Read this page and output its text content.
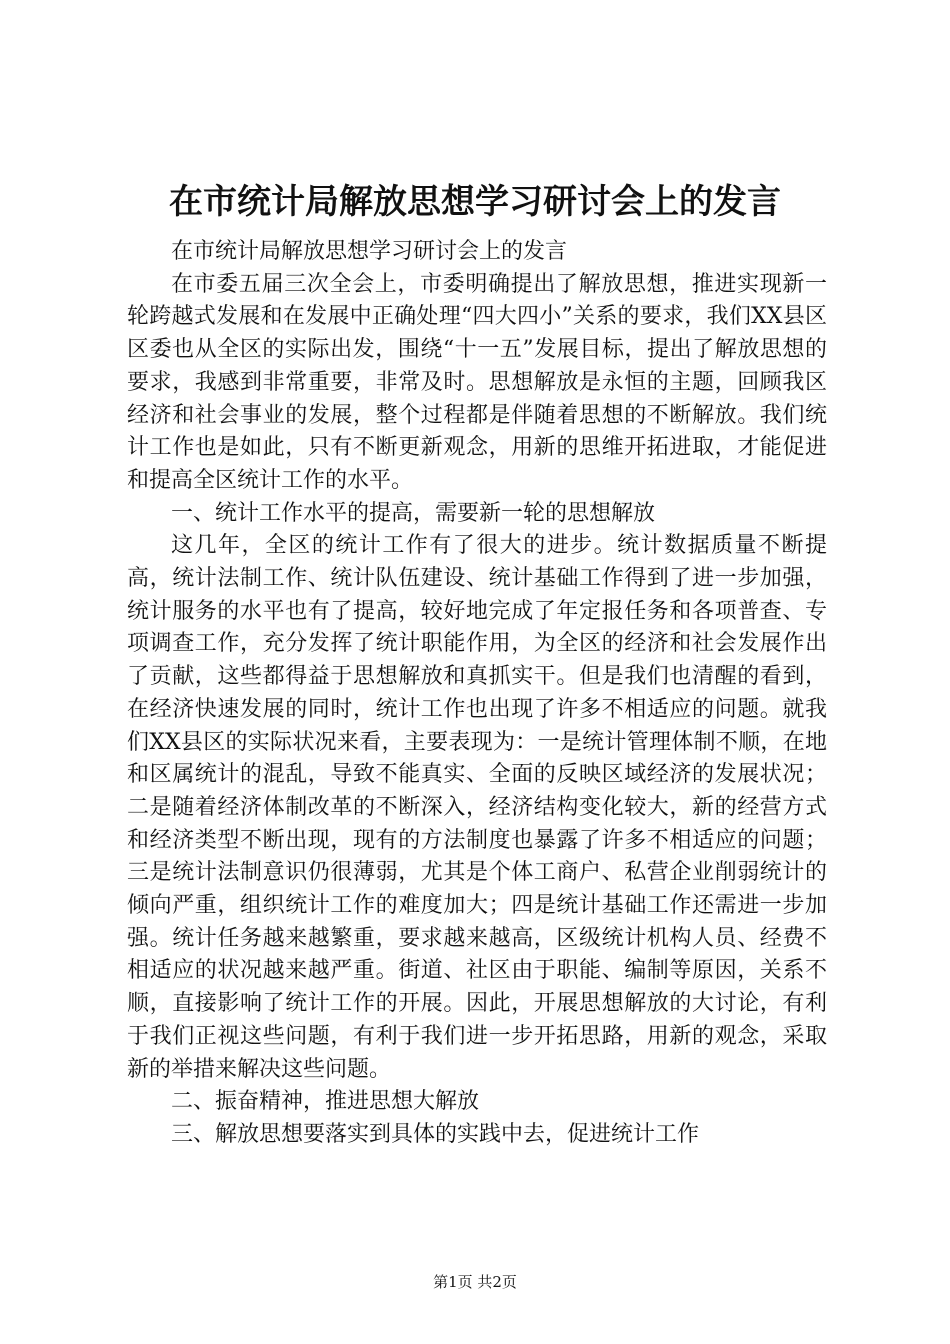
在市统计局解放思想学习研讨会上的发言

在市统计局解放思想学习研讨会上的发言

在市委五届三次全会上，市委明确提出了解放思想，推进实现新一轮跨越式发展和在发展中正确处理“四大四小”关系的要求，我们XX县区区委也从全区的实际出发，围绕“十一五”发展目标，提出了解放思想的要求，我感到非常重要，非常及时。思想解放是永恒的主题，回顾我区经济和社会事业的发展，整个过程都是伴随着思想的不断解放。我们统计工作也是如此，只有不断更新观念，用新的思维开拓进取，才能促进和提高全区统计工作的水平。

一、统计工作水平的提高，需要新一轮的思想解放

这几年，全区的统计工作有了很大的进步。统计数据质量不断提高，统计法制工作、统计队伍建设、统计基础工作得到了进一步加强，统计服务的水平也有了提高，较好地完成了年定报任务和各项普查、专项调查工作，充分发挥了统计职能作用，为全区的经济和社会发展作出了贡献，这些都得益于思想解放和真抓实干。但是我们也清醒的看到，在经济快速发展的同时，统计工作也出现了许多不相适应的问题。就我们XX县区的实际状况来看，主要表现为：一是统计管理体制不顺，在地和区属统计的混乱，导致不能真实、全面的反映区域经济的发展状况；二是随着经济体制改革的不断深入，经济结构变化较大，新的经营方式和经济类型不断出现，现有的方法制度也暴露了许多不相适应的问题；三是统计法制意识仍很薄弱，尤其是个体工商户、私营企业削弱统计的倾向严重，组织统计工作的难度加大；四是统计基础工作还需进一步加强。统计任务越来越繁重，要求越来越高，区级统计机构人员、经费不相适应的状况越来越严重。街道、社区由于职能、编制等原因，关系不顺，直接影响了统计工作的开展。因此，开展思想解放的大讨论，有利于我们正视这些问题，有利于我们进一步开拓思路，用新的观念，采取新的举措来解决这些问题。

二、振奋精神，推进思想大解放

三、解放思想要落实到具体的实践中去，促进统计工作

第1页 共2页
